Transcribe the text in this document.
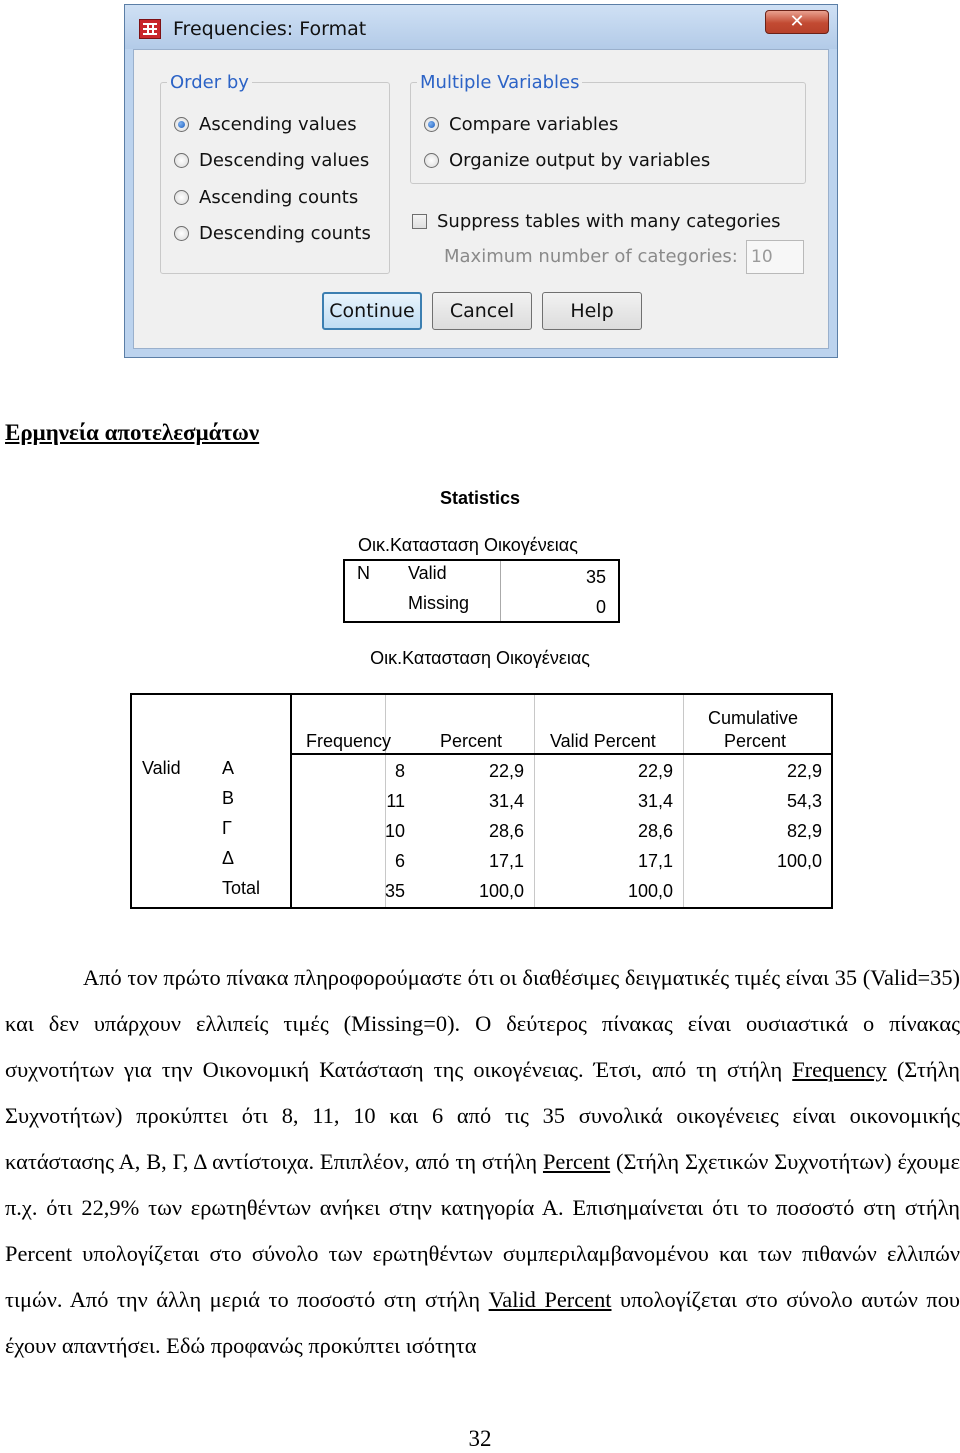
Frequencies: Format	✕
Order by
Ascending values
Descending values
Ascending counts
Descending counts
Multiple Variables
Compare variables
Organize output by variables
Suppress tables with many categories
Maximum number of categories: 10
Continue	Cancel	Help
Ερμηνεία αποτελεσμάτων
Statistics
Οικ.Κατασταση Οικογένειας
N Valid	35
Missing	0
Οικ.Κατασταση Οικογένειας
Frequency	Percent	Valid Percent
Cumulative
Percent
Valid Α	8	22,9	22,9	22,9
Β	11	31,4	31,4	54,3
Γ	10	28,6	28,6	82,9
Δ	6	17,1	17,1	100,0
Total	35	100,0	100,0
Από τον πρώτο πίνακα πληροφορούμαστε ότι οι διαθέσιμες δειγματικές τιμές είναι 35 (Valid=35) και δεν υπάρχουν ελλιπείς τιμές (Missing=0). Ο δεύτερος πίνακας είναι ουσιαστικά ο πίνακας συχνοτήτων για την Οικονομική Κατάσταση της οικογένειας. Έτσι, από τη στήλη Frequency (Στήλη Συχνοτήτων) προκύπτει ότι 8, 11, 10 και 6 από τις 35 συνολικά οικογένειες είναι οικονομικής κατάστασης Α, Β, Γ, Δ αντίστοιχα. Επιπλέον, από τη στήλη Percent (Στήλη Σχετικών Συχνοτήτων) έχουμε π.χ. ότι 22,9% των ερωτηθέντων ανήκει στην κατηγορία Α. Επισημαίνεται ότι το ποσοστό στη στήλη Percent υπολογίζεται στο σύνολο των ερωτηθέντων συμπεριλαμβανομένου και των πιθανών ελλιπών τιμών. Από την άλλη μεριά το ποσοστό στη στήλη Valid Percent υπολογίζεται στο σύνολο αυτών που έχουν απαντήσει. Εδώ προφανώς προκύπτει ισότητα
32
